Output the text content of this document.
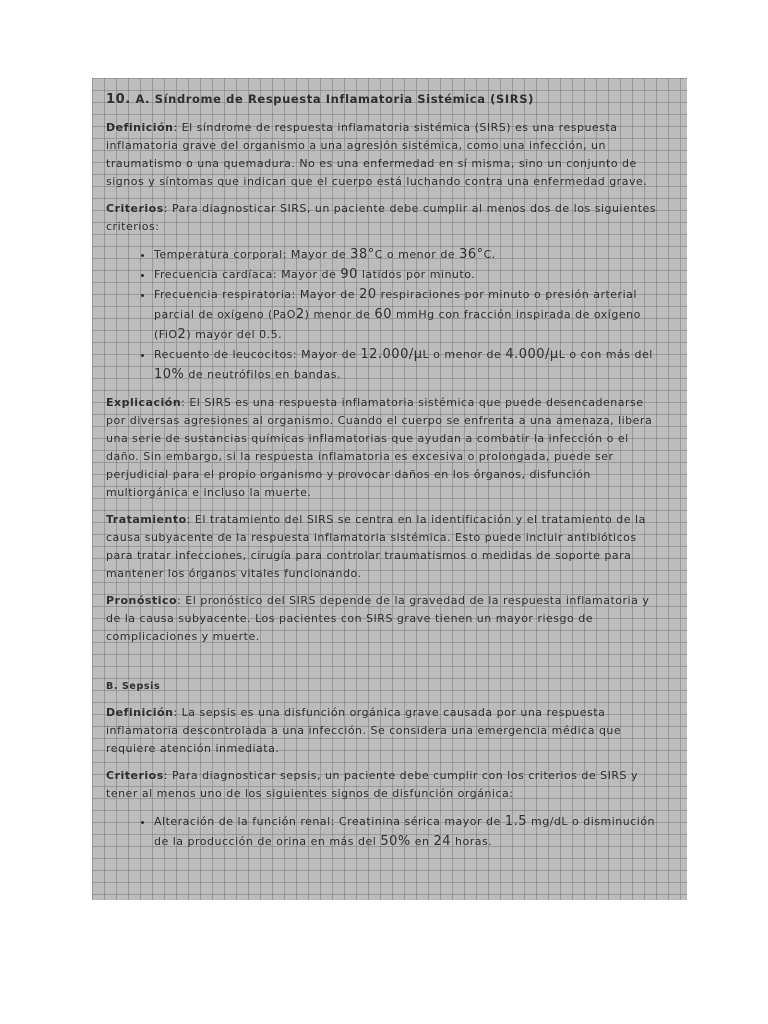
10. A. Síndrome de Respuesta Inflamatoria Sistémica (SIRS)

Definición: El síndrome de respuesta inflamatoria sistémica (SIRS) es una respuesta inflamatoria grave del organismo a una agresión sistémica, como una infección, un traumatismo o una quemadura. No es una enfermedad en sí misma, sino un conjunto de signos y síntomas que indican que el cuerpo está luchando contra una enfermedad grave.

Criterios: Para diagnosticar SIRS, un paciente debe cumplir al menos dos de los siguientes criterios:

• Temperatura corporal: Mayor de 38°C o menor de 36°C.
• Frecuencia cardíaca: Mayor de 90 latidos por minuto.
• Frecuencia respiratoria: Mayor de 20 respiraciones por minuto o presión arterial parcial de oxígeno (PaO2) menor de 60 mmHg con fracción inspirada de oxígeno (FiO2) mayor del 0.5.
• Recuento de leucocitos: Mayor de 12.000/µL o menor de 4.000/µL o con más del 10% de neutrófilos en bandas.

Explicación: El SIRS es una respuesta inflamatoria sistémica que puede desencadenarse por diversas agresiones al organismo. Cuando el cuerpo se enfrenta a una amenaza, libera una serie de sustancias químicas inflamatorias que ayudan a combatir la infección o el daño. Sin embargo, si la respuesta inflamatoria es excesiva o prolongada, puede ser perjudicial para el propio organismo y provocar daños en los órganos, disfunción multiorgánica e incluso la muerte.

Tratamiento: El tratamiento del SIRS se centra en la identificación y el tratamiento de la causa subyacente de la respuesta inflamatoria sistémica. Esto puede incluir antibióticos para tratar infecciones, cirugía para controlar traumatismos o medidas de soporte para mantener los órganos vitales funcionando.

Pronóstico: El pronóstico del SIRS depende de la gravedad de la respuesta inflamatoria y de la causa subyacente. Los pacientes con SIRS grave tienen un mayor riesgo de complicaciones y muerte.

B. Sepsis

Definición: La sepsis es una disfunción orgánica grave causada por una respuesta inflamatoria descontrolada a una infección. Se considera una emergencia médica que requiere atención inmediata.

Criterios: Para diagnosticar sepsis, un paciente debe cumplir con los criterios de SIRS y tener al menos uno de los siguientes signos de disfunción orgánica:

• Alteración de la función renal: Creatinina sérica mayor de 1.5 mg/dL o disminución de la producción de orina en más del 50% en 24 horas.
